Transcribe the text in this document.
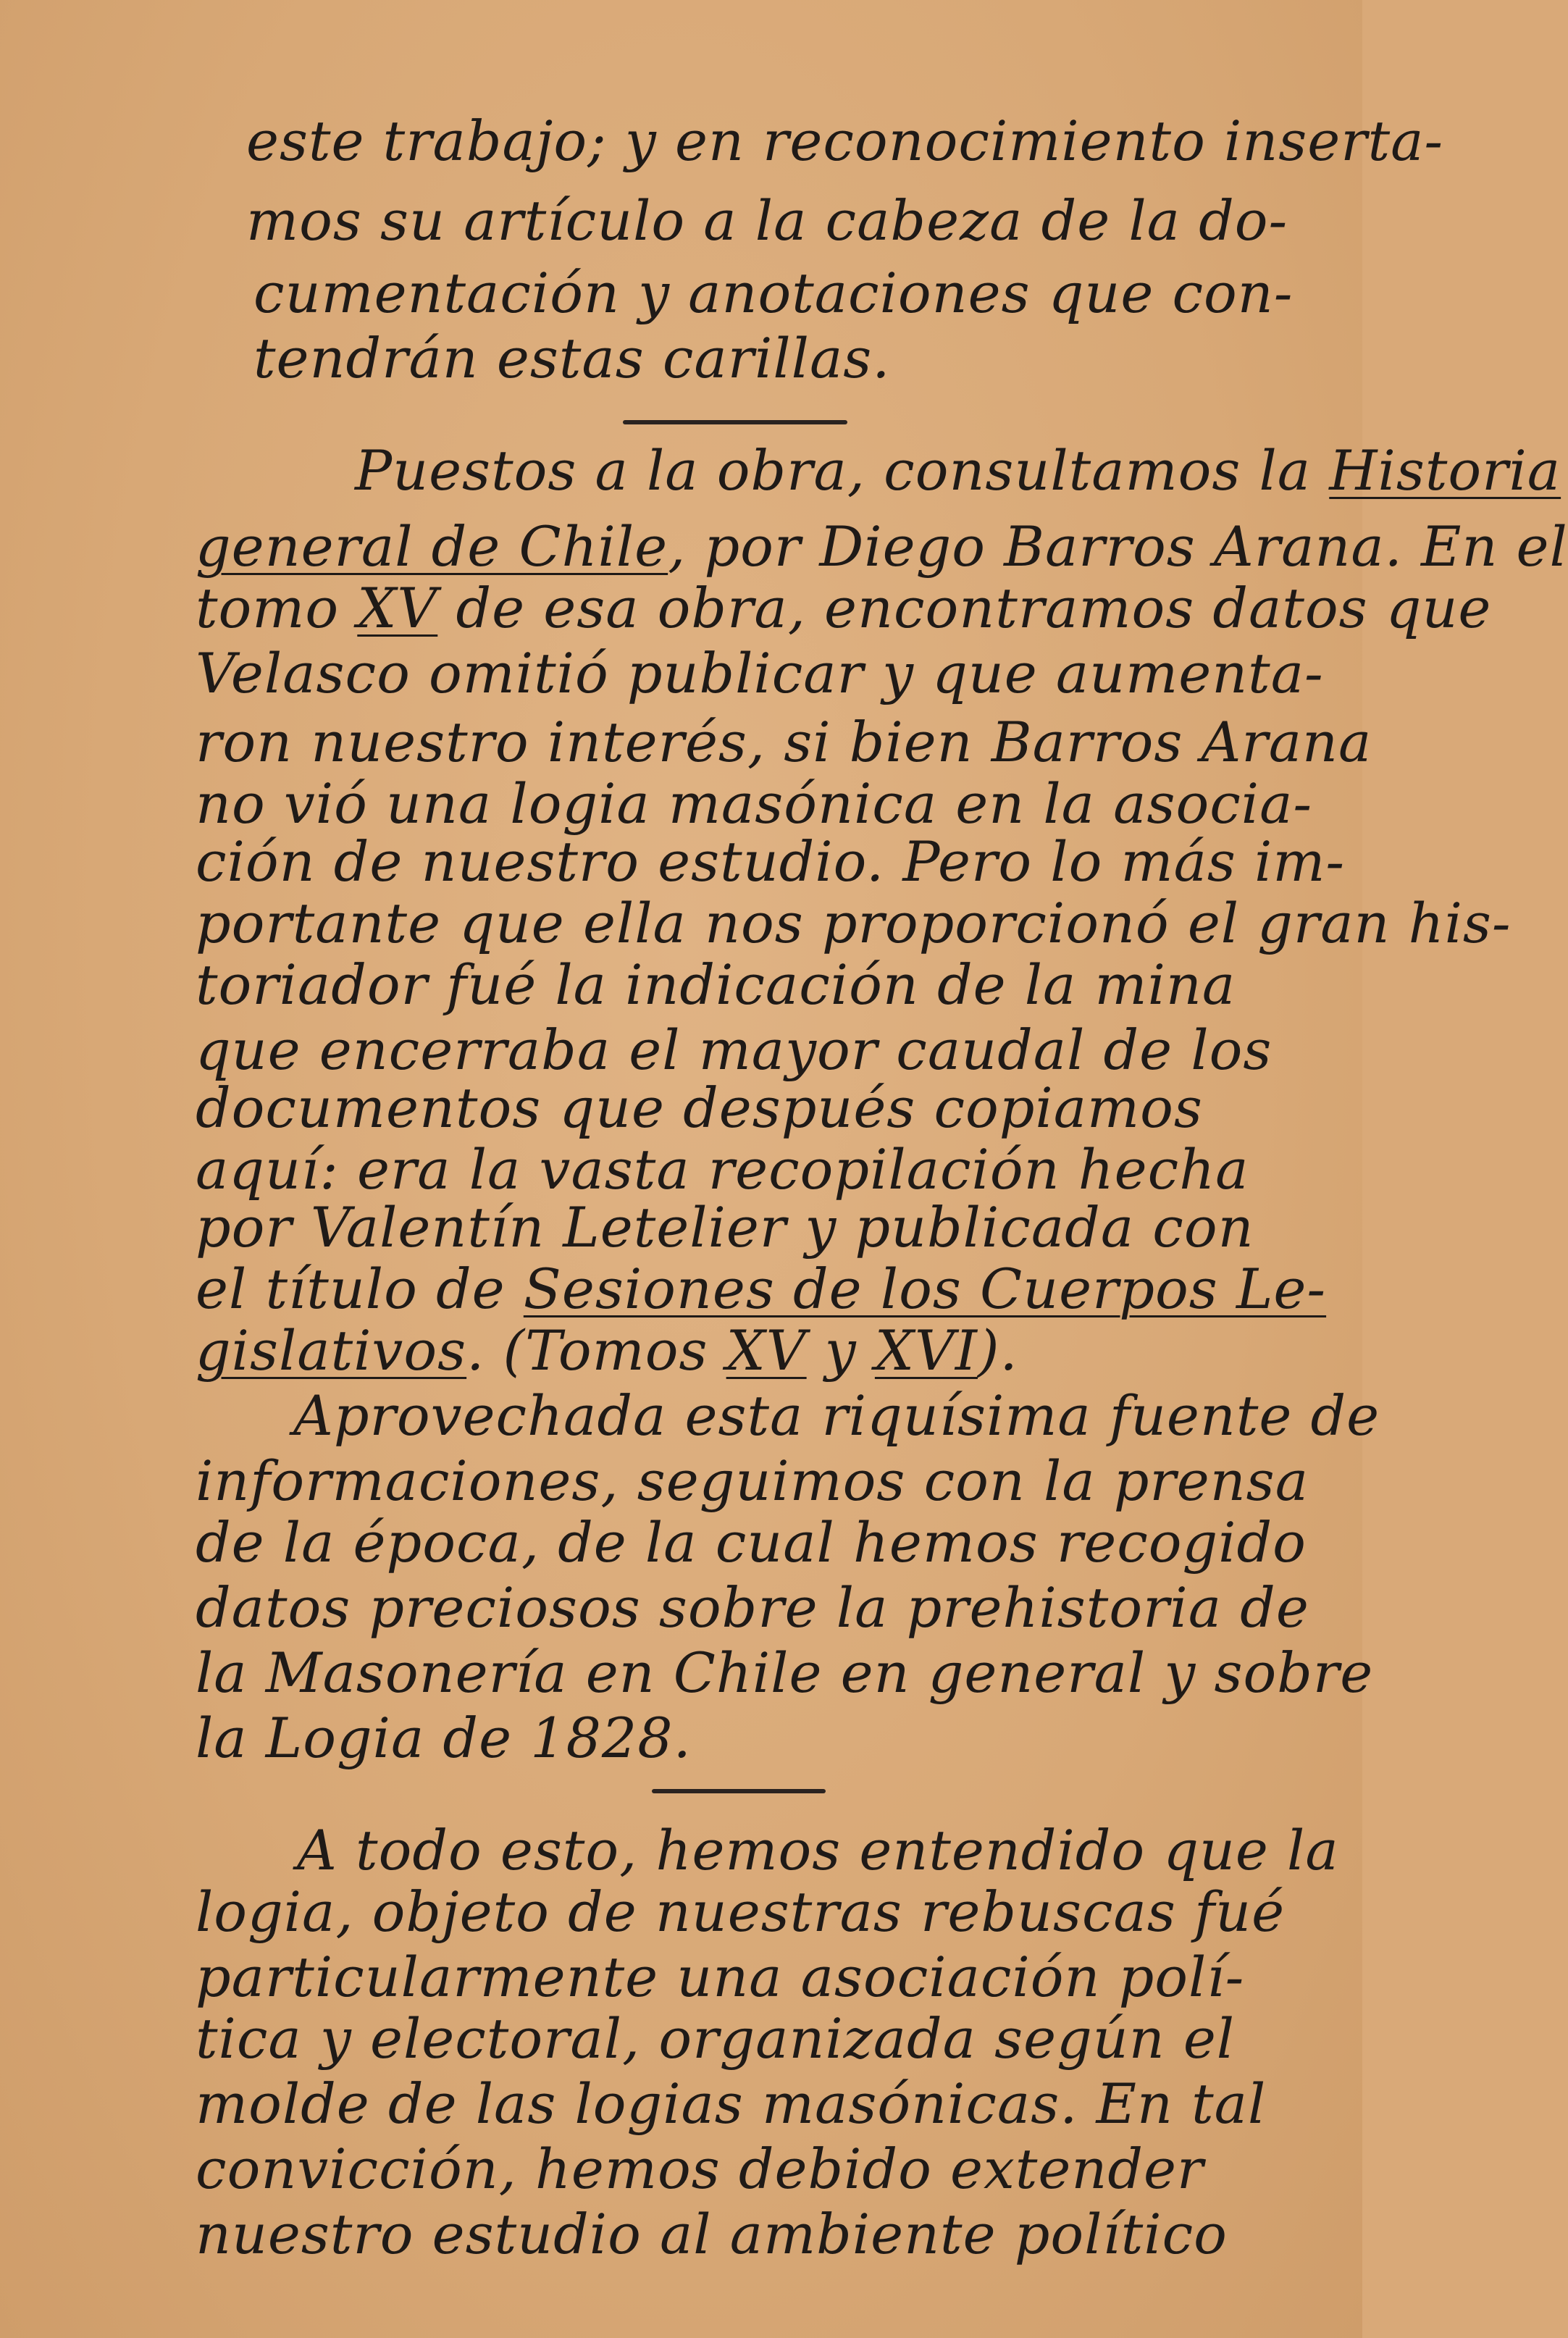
este trabajo; y en reconocimiento inserta-
mos su artículo a la cabeza de la do-
cumentación y anotaciones que con-
tendrán estas carillas.
Puestos a la obra, consultamos la Historia
general de Chile, por Diego Barros Arana. En el
tomo XV de esa obra, encontramos datos que
Velasco omitió publicar y que aumenta-
ron nuestro interés, si bien Barros Arana
no vió una logia masónica en la asocia-
ción de nuestro estudio. Pero lo más im-
portante que ella nos proporcionó el gran his-
toriador fué la indicación de la mina
que encerraba el mayor caudal de los
documentos que después copiamos
aquí: era la vasta recopilación hecha
por Valentín Letelier y publicada con
el título de Sesiones de los Cuerpos Le-
gislativos. (Tomos XV y XVI).
Aprovechada esta riquísima fuente de
informaciones, seguimos con la prensa
de la época, de la cual hemos recogido
datos preciosos sobre la prehistoria de
la Masonería en Chile en general y sobre
la Logia de 1828.
A todo esto, hemos entendido que la
logia, objeto de nuestras rebuscas fué
particularmente una asociación polí-
tica y electoral, organizada según el
molde de las logias masónicas. En tal
convicción, hemos debido extender
nuestro estudio al ambiente político
